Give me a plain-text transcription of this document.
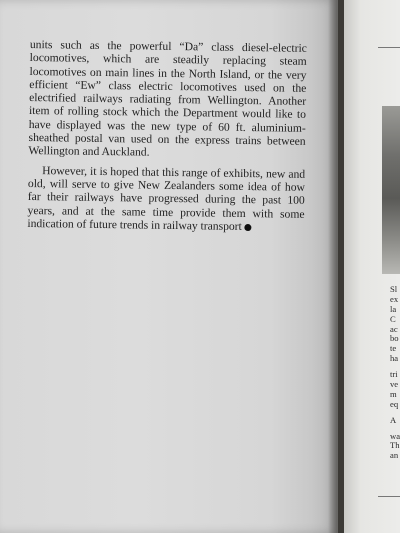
units such as the powerful “Da” class diesel-electric locomotives, which are steadily replacing steam locomotives on main lines in the North Island, or the very efficient “Ew” class electric locomotives used on the electrified railways radiating from Wellington. Another item of rolling stock which the Department would like to have displayed was the new type of 60 ft. aluminium-sheathed postal van used on the express trains between Wellington and Auckland.

However, it is hoped that this range of exhibits, new and old, will serve to give New Zealanders some idea of how far their railways have progressed during the past 100 years, and at the same time provide them with some indication of future trends in railway transport

Sl
ex
la
C
ac
bo
te
ha
tri
ve
m
eq
A
wa
Th
an
